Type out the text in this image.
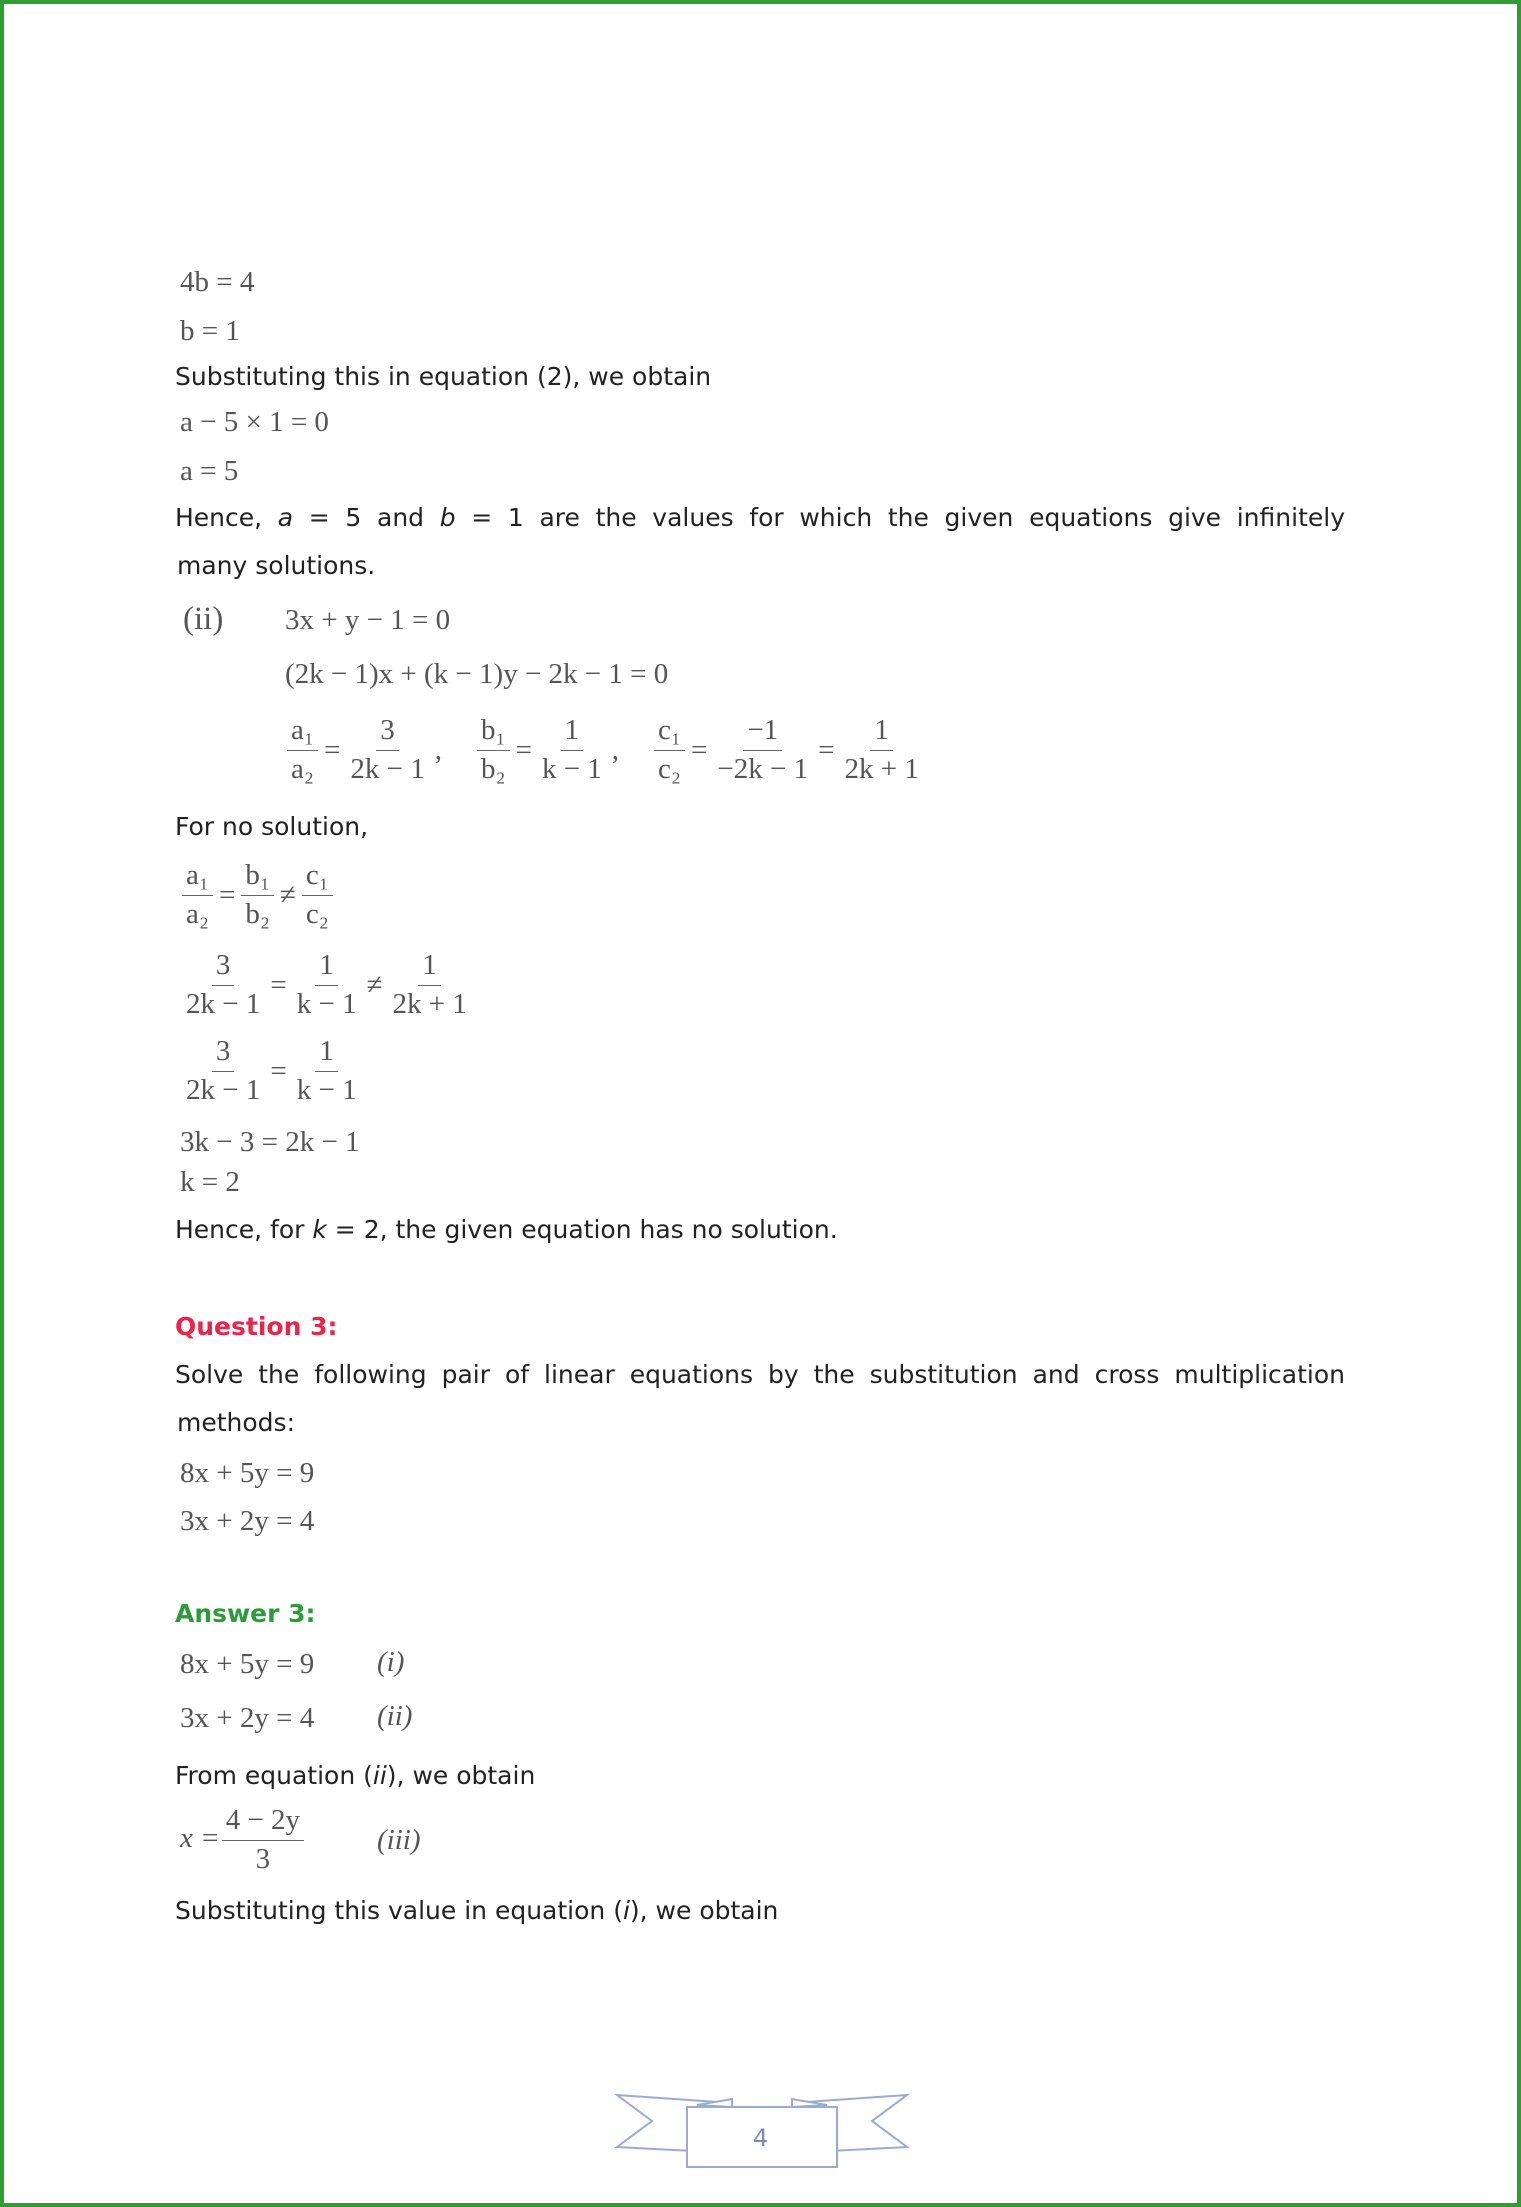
4b = 4
b = 1
Substituting this in equation (2), we obtain
a − 5 × 1 = 0
a = 5
Hence, a = 5 and b = 1 are the values for which the given equations give infinitely
many solutions.
(ii) 3x + y − 1 = 0
(2k − 1)x + (k − 1)y − 2k − 1 = 0
$\frac{\text{a₁}}{\text{a₂}} = \frac{3}{2k - 1}$ , $\frac{\text{b₁}}{\text{b₂}} = \frac{1}{k - 1}$ , $\frac{\text{c₁}}{\text{c₂}} = \frac{-1}{-2k - 1} = \frac{1}{2k + 1}$
For no solution,
$\frac{\text{a₁}}{\text{a₂}} = \frac{\text{b₁}}{\text{b₂}} \ne \frac{\text{c₁}}{\text{c₂}}$
$\frac{3}{2k - 1} = \frac{1}{k - 1} \ne \frac{1}{2k + 1}$
$\frac{3}{2k - 1} = \frac{1}{k - 1}$
3k − 3 = 2k − 1
k = 2
Hence, for k = 2, the given equation has no solution.
Question 3:
Solve the following pair of linear equations by the substitution and cross multiplication
methods:
8x + 5y = 9
3x + 2y = 4
Answer 3:
8x + 5y = 9 (i)
3x + 2y = 4 (ii)
From equation (ii), we obtain
$x = \frac{4 - 2y}{3}$	(iii)
Substituting this value in equation (i), we obtain
4
